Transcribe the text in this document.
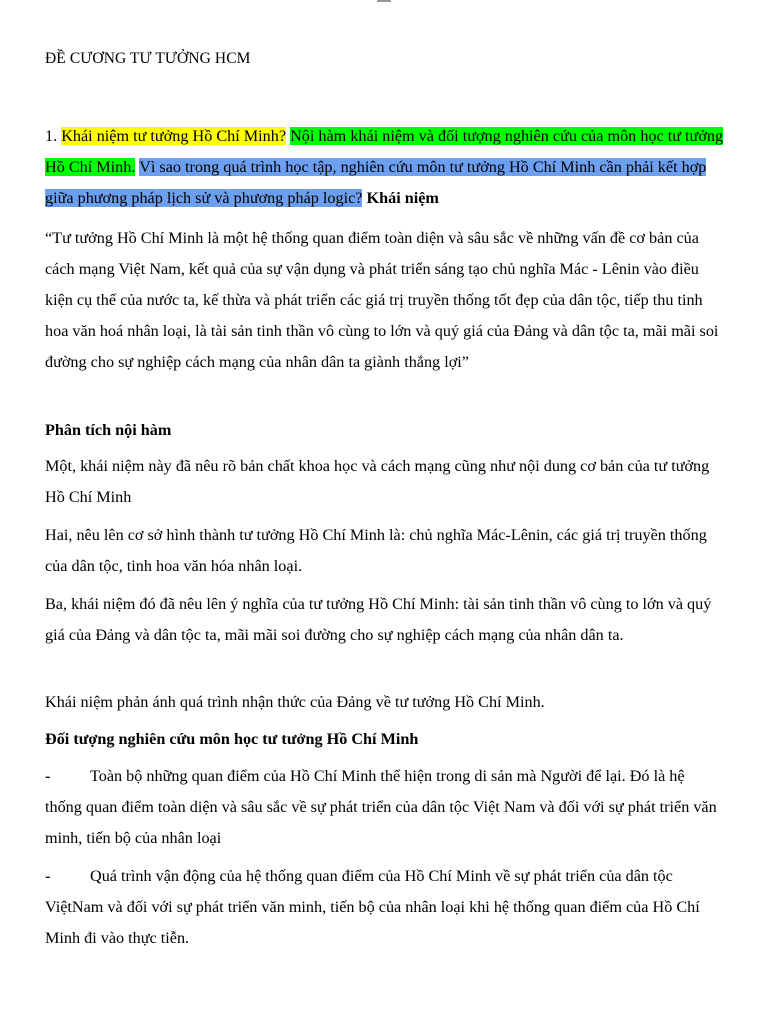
ĐỀ CƯƠNG TƯ TƯỞNG HCM
1. Khái niệm tư tưởng Hồ Chí Minh? Nội hàm khái niệm và đối tượng nghiên cứu của môn học tư tưởng Hồ Chí Minh. Vì sao trong quá trình học tập, nghiên cứu môn tư tưởng Hồ Chí Minh cần phải kết hợp giữa phương pháp lịch sử và phương pháp logic? Khái niệm
“Tư tưởng Hồ Chí Minh là một hệ thống quan điểm toàn diện và sâu sắc về những vấn đề cơ bản của cách mạng Việt Nam, kết quả của sự vận dụng và phát triển sáng tạo chủ nghĩa Mác - Lênin vào điều kiện cụ thể của nước ta, kế thừa và phát triển các giá trị truyền thống tốt đẹp của dân tộc, tiếp thu tinh hoa văn hoá nhân loại, là tài sản tinh thần vô cùng to lớn và quý giá của Đảng và dân tộc ta, mãi mãi soi đường cho sự nghiệp cách mạng của nhân dân ta giành thắng lợi”
Phân tích nội hàm
Một, khái niệm này đã nêu rõ bản chất khoa học và cách mạng cũng như nội dung cơ bản của tư tưởng Hồ Chí Minh
Hai, nêu lên cơ sở hình thành tư tưởng Hồ Chí Minh là: chủ nghĩa Mác-Lênin, các giá trị truyền thống của dân tộc, tinh hoa văn hóa nhân loại.
Ba, khái niệm đó đã nêu lên ý nghĩa của tư tưởng Hồ Chí Minh: tài sản tinh thần vô cùng to lớn và quý giá của Đảng và dân tộc ta, mãi mãi soi đường cho sự nghiệp cách mạng của nhân dân ta.
Khái niệm phản ánh quá trình nhận thức của Đảng về tư tưởng Hồ Chí Minh.
Đối tượng nghiên cứu môn học tư tưởng Hồ Chí Minh
- Toàn bộ những quan điểm của Hồ Chí Minh thể hiện trong di sản mà Người để lại. Đó là hệ thống quan điểm toàn diện và sâu sắc về sự phát triển của dân tộc Việt Nam và đối với sự phát triển văn minh, tiến bộ của nhân loại
- Quá trình vận động của hệ thống quan điểm của Hồ Chí Minh về sự phát triển của dân tộc ViệtNam và đối với sự phát triển văn minh, tiến bộ của nhân loại khi hệ thống quan điểm của Hồ Chí Minh đi vào thực tiễn.
